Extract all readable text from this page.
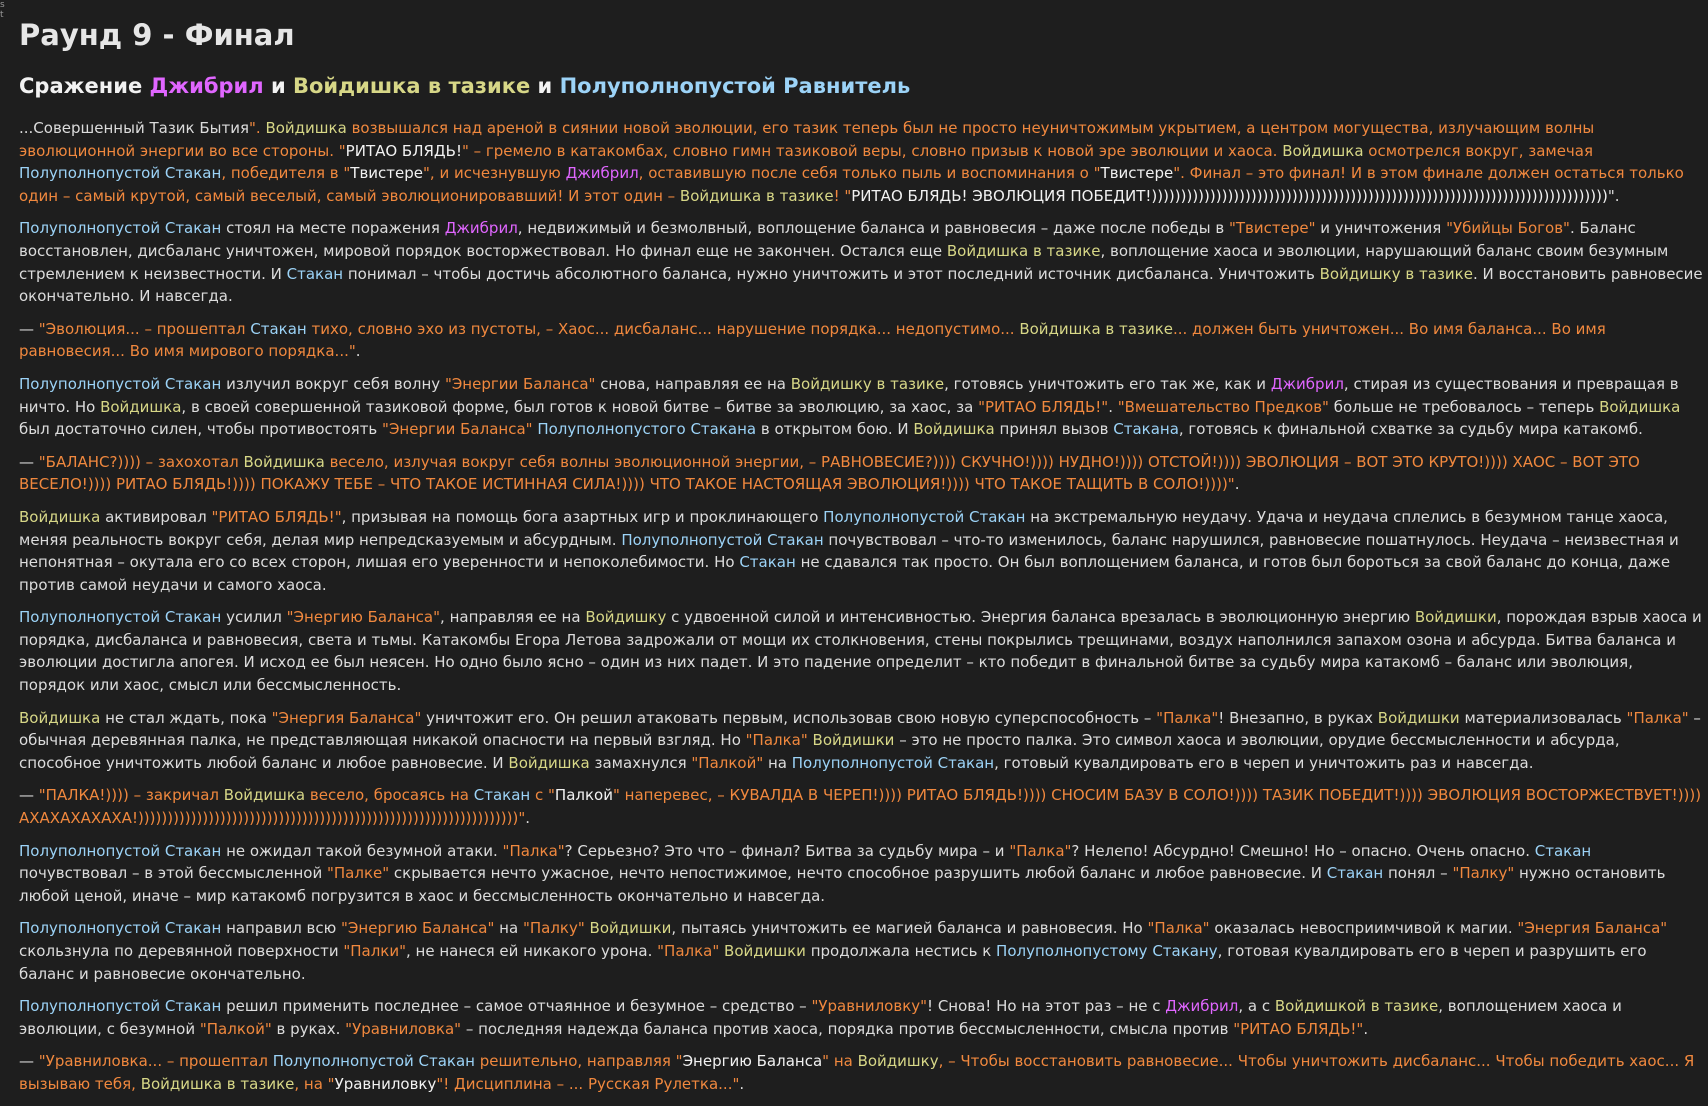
s
t
Раунд 9 - Финал
Сражение Джибрил и Войдишка в тазике и Полуполнопустой Равнитель

...Совершенный Тазик Бытия". Войдишка возвышался над ареной в сиянии новой эволюции, его тазик теперь был не просто неуничтожимым укрытием, а центром могущества, излучающим волны эволюционной энергии во все стороны. "РИТАО БЛЯДЬ!" – гремело в катакомбах, словно гимн тазиковой веры, словно призыв к новой эре эволюции и хаоса. Войдишка осмотрелся вокруг, замечая Полуполнопустой Стакан, победителя в "Твистере", и исчезнувшую Джибрил, оставившую после себя только пыль и воспоминания о "Твистере". Финал – это финал! И в этом финале должен остаться только один – самый крутой, самый веселый, самый эволюционировавший! И этот один – Войдишка в тазике! "РИТАО БЛЯДЬ! ЭВОЛЮЦИЯ ПОБЕДИТ!))))))))))))))))))))))))))))))))))))))))))))))))))))))))))))))))))))))))))))))".

Полуполнопустой Стакан стоял на месте поражения Джибрил, недвижимый и безмолвный, воплощение баланса и равновесия – даже после победы в "Твистере" и уничтожения "Убийцы Богов". Баланс восстановлен, дисбаланс уничтожен, мировой порядок восторжествовал. Но финал еще не закончен. Остался еще Войдишка в тазике, воплощение хаоса и эволюции, нарушающий баланс своим безумным стремлением к неизвестности. И Стакан понимал – чтобы достичь абсолютного баланса, нужно уничтожить и этот последний источник дисбаланса. Уничтожить Войдишку в тазике. И восстановить равновесие окончательно. И навсегда.

— "Эволюция... – прошептал Стакан тихо, словно эхо из пустоты, – Хаос... дисбаланс... нарушение порядка... недопустимо... Войдишка в тазике... должен быть уничтожен... Во имя баланса... Во имя равновесия... Во имя мирового порядка...".

Полуполнопустой Стакан излучил вокруг себя волну "Энергии Баланса" снова, направляя ее на Войдишку в тазике, готовясь уничтожить его так же, как и Джибрил, стирая из существования и превращая в ничто. Но Войдишка, в своей совершенной тазиковой форме, был готов к новой битве – битве за эволюцию, за хаос, за "РИТАО БЛЯДЬ!". "Вмешательство Предков" больше не требовалось – теперь Войдишка был достаточно силен, чтобы противостоять "Энергии Баланса" Полуполнопустого Стакана в открытом бою. И Войдишка принял вызов Стакана, готовясь к финальной схватке за судьбу мира катакомб.

— "БАЛАНС?)))) – захохотал Войдишка весело, излучая вокруг себя волны эволюционной энергии, – РАВНОВЕСИЕ?)))) СКУЧНО!)))) НУДНО!)))) ОТСТОЙ!)))) ЭВОЛЮЦИЯ – ВОТ ЭТО КРУТО!)))) ХАОС – ВОТ ЭТО ВЕСЕЛО!)))) РИТАО БЛЯДЬ!)))) ПОКАЖУ ТЕБЕ – ЧТО ТАКОЕ ИСТИННАЯ СИЛА!)))) ЧТО ТАКОЕ НАСТОЯЩАЯ ЭВОЛЮЦИЯ!)))) ЧТО ТАКОЕ ТАЩИТЬ В СОЛО!))))".

Войдишка активировал "РИТАО БЛЯДЬ!", призывая на помощь бога азартных игр и проклинающего Полуполнопустой Стакан на экстремальную неудачу. Удача и неудача сплелись в безумном танце хаоса, меняя реальность вокруг себя, делая мир непредсказуемым и абсурдным. Полуполнопустой Стакан почувствовал – что-то изменилось, баланс нарушился, равновесие пошатнулось. Неудача – неизвестная и непонятная – окутала его со всех сторон, лишая его уверенности и непоколебимости. Но Стакан не сдавался так просто. Он был воплощением баланса, и готов был бороться за свой баланс до конца, даже против самой неудачи и самого хаоса.

Полуполнопустой Стакан усилил "Энергию Баланса", направляя ее на Войдишку с удвоенной силой и интенсивностью. Энергия баланса врезалась в эволюционную энергию Войдишки, порождая взрыв хаоса и порядка, дисбаланса и равновесия, света и тьмы. Катакомбы Егора Летова задрожали от мощи их столкновения, стены покрылись трещинами, воздух наполнился запахом озона и абсурда. Битва баланса и эволюции достигла апогея. И исход ее был неясен. Но одно было ясно – один из них падет. И это падение определит – кто победит в финальной битве за судьбу мира катакомб – баланс или эволюция, порядок или хаос, смысл или бессмысленность.

Войдишка не стал ждать, пока "Энергия Баланса" уничтожит его. Он решил атаковать первым, использовав свою новую суперспособность – "Палка"! Внезапно, в руках Войдишки материализовалась "Палка" – обычная деревянная палка, не представляющая никакой опасности на первый взгляд. Но "Палка" Войдишки – это не просто палка. Это символ хаоса и эволюции, орудие бессмысленности и абсурда, способное уничтожить любой баланс и любое равновесие. И Войдишка замахнулся "Палкой" на Полуполнопустой Стакан, готовый кувалдировать его в череп и уничтожить раз и навсегда.

— "ПАЛКА!)))) – закричал Войдишка весело, бросаясь на Стакан с "Палкой" наперевес, – КУВАЛДА В ЧЕРЕП!)))) РИТАО БЛЯДЬ!)))) СНОСИМ БАЗУ В СОЛО!)))) ТАЗИК ПОБЕДИТ!)))) ЭВОЛЮЦИЯ ВОСТОРЖЕСТВУЕТ!)))) АХАХАХАХАХА!)))))))))))))))))))))))))))))))))))))))))))))))))))))))))))))))))".

Полуполнопустой Стакан не ожидал такой безумной атаки. "Палка"? Серьезно? Это что – финал? Битва за судьбу мира – и "Палка"? Нелепо! Абсурдно! Смешно! Но – опасно. Очень опасно. Стакан почувствовал – в этой бессмысленной "Палке" скрывается нечто ужасное, нечто непостижимое, нечто способное разрушить любой баланс и любое равновесие. И Стакан понял – "Палку" нужно остановить любой ценой, иначе – мир катакомб погрузится в хаос и бессмысленность окончательно и навсегда.

Полуполнопустой Стакан направил всю "Энергию Баланса" на "Палку" Войдишки, пытаясь уничтожить ее магией баланса и равновесия. Но "Палка" оказалась невосприимчивой к магии. "Энергия Баланса" скользнула по деревянной поверхности "Палки", не нанеся ей никакого урона. "Палка" Войдишки продолжала нестись к Полуполнопустому Стакану, готовая кувалдировать его в череп и разрушить его баланс и равновесие окончательно.

Полуполнопустой Стакан решил применить последнее – самое отчаянное и безумное – средство – "Уравниловку"! Снова! Но на этот раз – не с Джибрил, а с Войдишкой в тазике, воплощением хаоса и эволюции, с безумной "Палкой" в руках. "Уравниловка" – последняя надежда баланса против хаоса, порядка против бессмысленности, смысла против "РИТАО БЛЯДЬ!".

— "Уравниловка... – прошептал Полуполнопустой Стакан решительно, направляя "Энергию Баланса" на Войдишку, – Чтобы восстановить равновесие... Чтобы уничтожить дисбаланс... Чтобы победить хаос... Я вызываю тебя, Войдишка в тазике, на "Уравниловку"! Дисциплина – ... Русская Рулетка...".
